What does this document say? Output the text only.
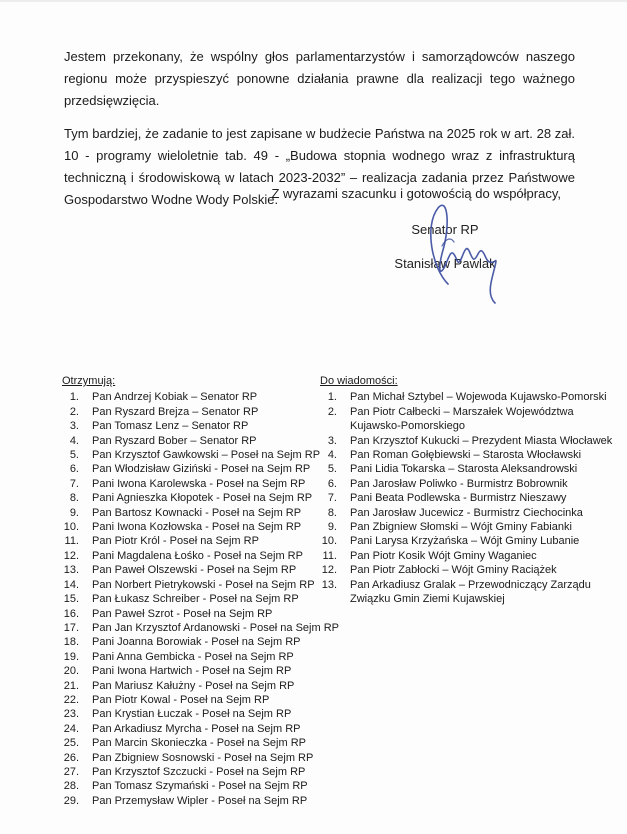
Jestem przekonany, że wspólny głos parlamentarzystów i samorządowców naszego regionu może przyspieszyć ponowne działania prawne dla realizacji tego ważnego przedsięwzięcia.

Tym bardziej, że zadanie to jest zapisane w budżecie Państwa na 2025 rok w art. 28 zał. 10 - programy wieloletnie tab. 49 - „Budowa stopnia wodnego wraz z infrastrukturą techniczną i środowiskową w latach 2023-2032” – realizacja zadania przez Państwowe Gospodarstwo Wodne Wody Polskie.

Z wyrazami szacunku i gotowością do współpracy,
Senator RP
Stanisław Pawlak
Otrzymują:
1. Pan Andrzej Kobiak – Senator RP
2. Pan Ryszard Brejza – Senator RP
3. Pan Tomasz Lenz – Senator RP
4. Pan Ryszard Bober – Senator RP
5. Pan Krzysztof Gawkowski – Poseł na Sejm RP
6. Pan Włodzisław Giziński - Poseł na Sejm RP
7. Pani Iwona Karolewska - Poseł na Sejm RP
8. Pani Agnieszka Kłopotek - Poseł na Sejm RP
9. Pan Bartosz Kownacki - Poseł na Sejm RP
10. Pani Iwona Kozłowska - Poseł na Sejm RP
11. Pan Piotr Król - Poseł na Sejm RP
12. Pani Magdalena Łośko - Poseł na Sejm RP
13. Pan Paweł Olszewski - Poseł na Sejm RP
14. Pan Norbert Pietrykowski - Poseł na Sejm RP
15. Pan Łukasz Schreiber - Poseł na Sejm RP
16. Pan Paweł Szrot - Poseł na Sejm RP
17. Pan Jan Krzysztof Ardanowski - Poseł na Sejm RP
18. Pani Joanna Borowiak - Poseł na Sejm RP
19. Pani Anna Gembicka - Poseł na Sejm RP
20. Pani Iwona Hartwich - Poseł na Sejm RP
21. Pan Mariusz Kałużny - Poseł na Sejm RP
22. Pan Piotr Kowal - Poseł na Sejm RP
23. Pan Krystian Łuczak - Poseł na Sejm RP
24. Pan Arkadiusz Myrcha - Poseł na Sejm RP
25. Pan Marcin Skonieczka - Poseł na Sejm RP
26. Pan Zbigniew Sosnowski - Poseł na Sejm RP
27. Pan Krzysztof Szczucki - Poseł na Sejm RP
28. Pan Tomasz Szymański - Poseł na Sejm RP
29. Pan Przemysław Wipler - Poseł na Sejm RP
Do wiadomości:
1. Pan Michał Sztybel – Wojewoda Kujawsko-Pomorski
2. Pan Piotr Całbecki – Marszałek Województwa
Kujawsko-Pomorskiego
3. Pan Krzysztof Kukucki – Prezydent Miasta Włocławek
4. Pan Roman Gołębiewski – Starosta Włocławski
5. Pani Lidia Tokarska – Starosta Aleksandrowski
6. Pan Jarosław Poliwko - Burmistrz Bobrownik
7. Pani Beata Podlewska - Burmistrz Nieszawy
8. Pan Jarosław Jucewicz - Burmistrz Ciechocinka
9. Pan Zbigniew Słomski – Wójt Gminy Fabianki
10. Pani Larysa Krzyżańska – Wójt Gminy Lubanie
11. Pan Piotr Kosik Wójt Gminy Waganiec
12. Pan Piotr Zabłocki – Wójt Gminy Raciążek
13. Pan Arkadiusz Gralak – Przewodniczący Zarządu
Związku Gmin Ziemi Kujawskiej
